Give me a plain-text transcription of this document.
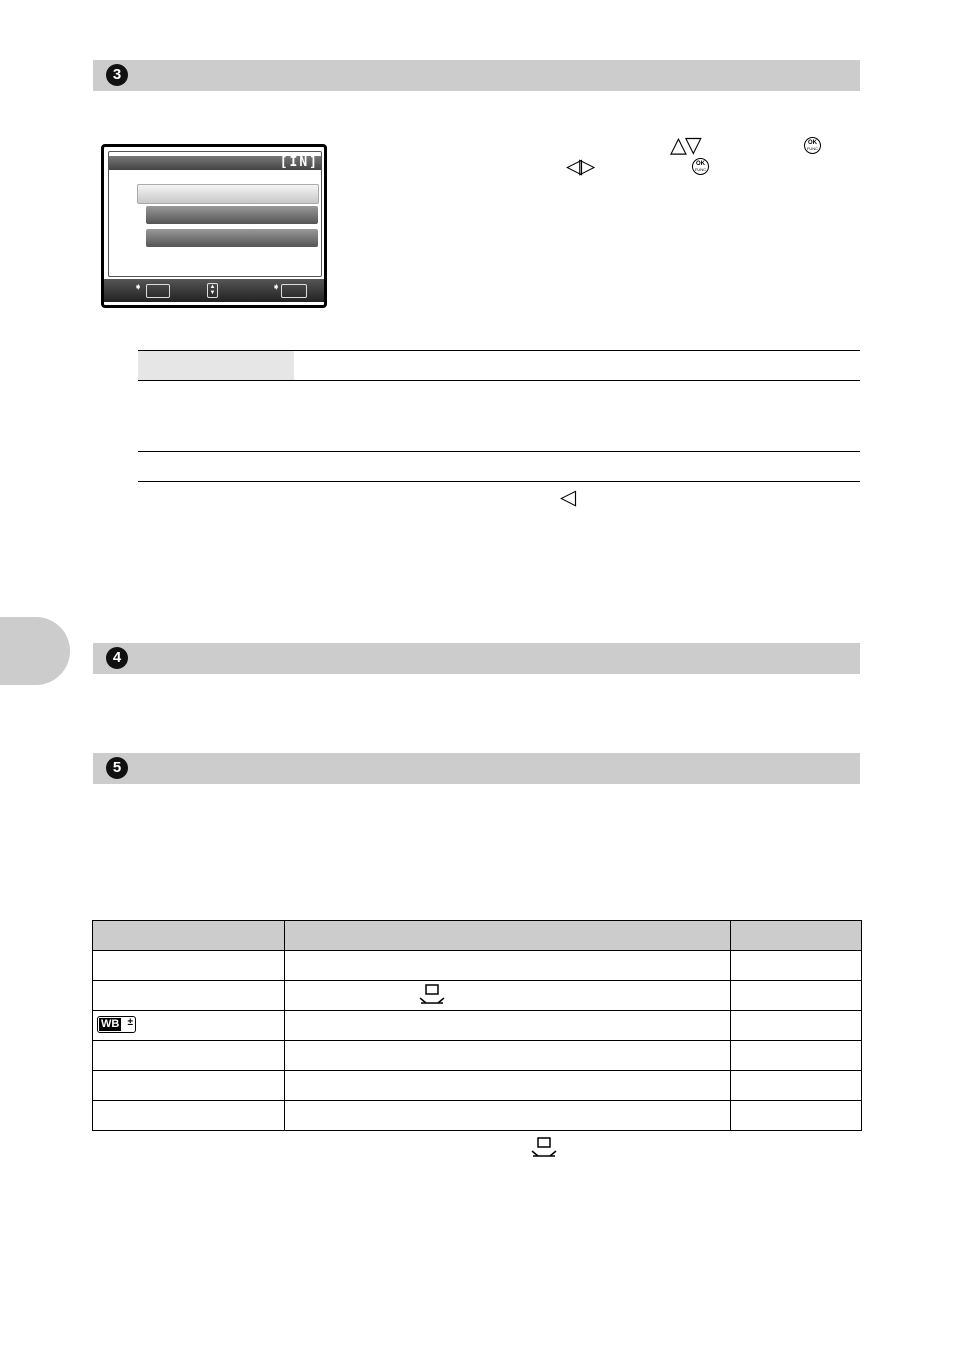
3
[IN]
➧	▲
▼	➧
△▽	OK
FUNC
◁▷	OK
FUNC
◁
4
5

WB ±		
